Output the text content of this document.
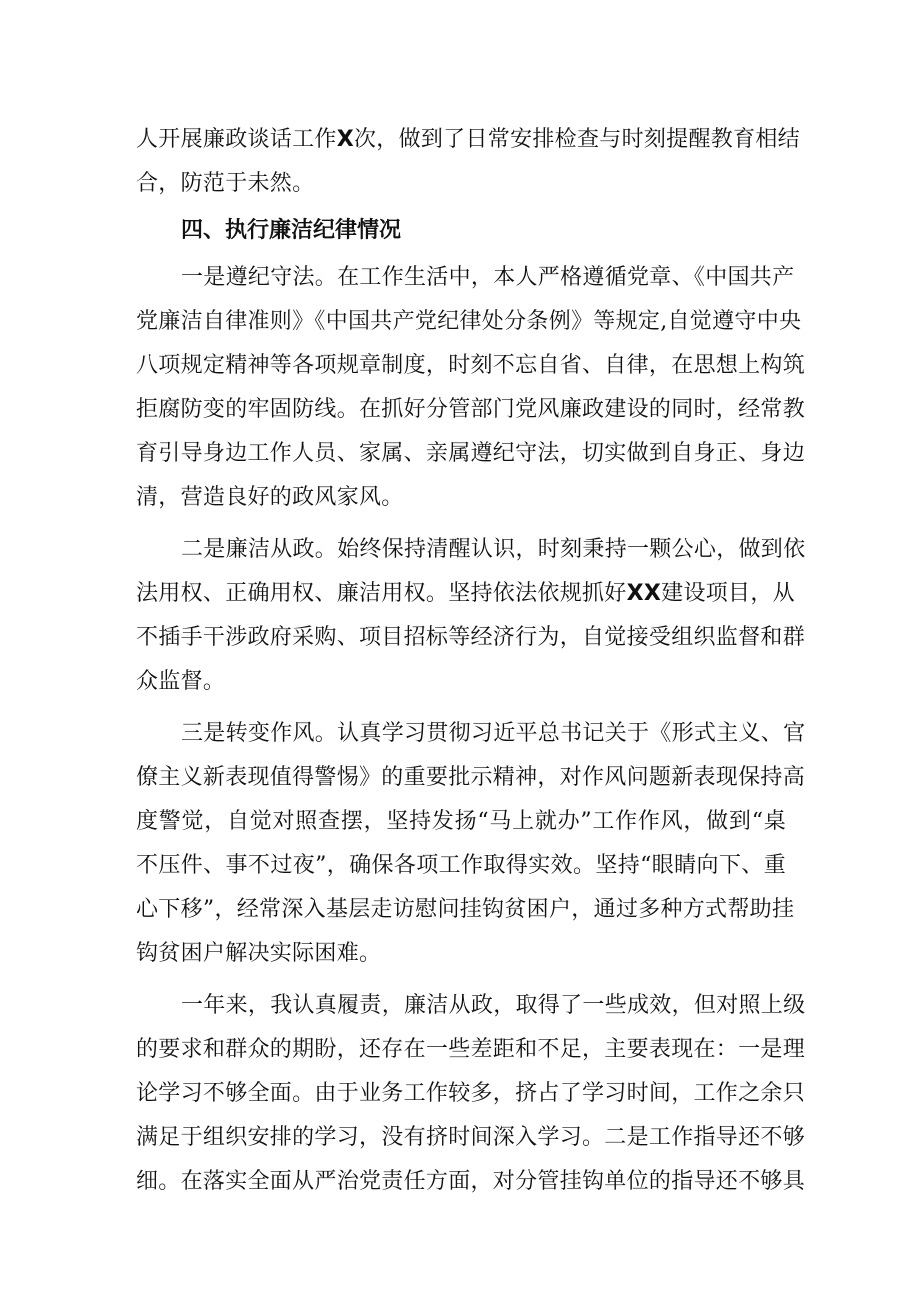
人开展廉政谈话工作X次，做到了日常安排检查与时刻提醒教育相结
合，防范于未然。
四、执行廉洁纪律情况
一是遵纪守法。在工作生活中，本人严格遵循党章、《中国共产
党廉洁自律准则》《中国共产党纪律处分条例》等规定,自觉遵守中央
八项规定精神等各项规章制度，时刻不忘自省、自律，在思想上构筑
拒腐防变的牢固防线。在抓好分管部门党风廉政建设的同时，经常教
育引导身边工作人员、家属、亲属遵纪守法，切实做到自身正、身边
清，营造良好的政风家风。
二是廉洁从政。始终保持清醒认识，时刻秉持一颗公心，做到依
法用权、正确用权、廉洁用权。坚持依法依规抓好XX建设项目，从
不插手干涉政府采购、项目招标等经济行为，自觉接受组织监督和群
众监督。
三是转变作风。认真学习贯彻习近平总书记关于《形式主义、官
僚主义新表现值得警惕》的重要批示精神，对作风问题新表现保持高
度警觉，自觉对照查摆，坚持发扬“马上就办”工作作风，做到“桌
不压件、事不过夜”，确保各项工作取得实效。坚持“眼睛向下、重
心下移”，经常深入基层走访慰问挂钩贫困户，通过多种方式帮助挂
钩贫困户解决实际困难。
一年来，我认真履责，廉洁从政，取得了一些成效，但对照上级
的要求和群众的期盼，还存在一些差距和不足，主要表现在：一是理
论学习不够全面。由于业务工作较多，挤占了学习时间，工作之余只
满足于组织安排的学习，没有挤时间深入学习。二是工作指导还不够
细。在落实全面从严治党责任方面，对分管挂钩单位的指导还不够具
